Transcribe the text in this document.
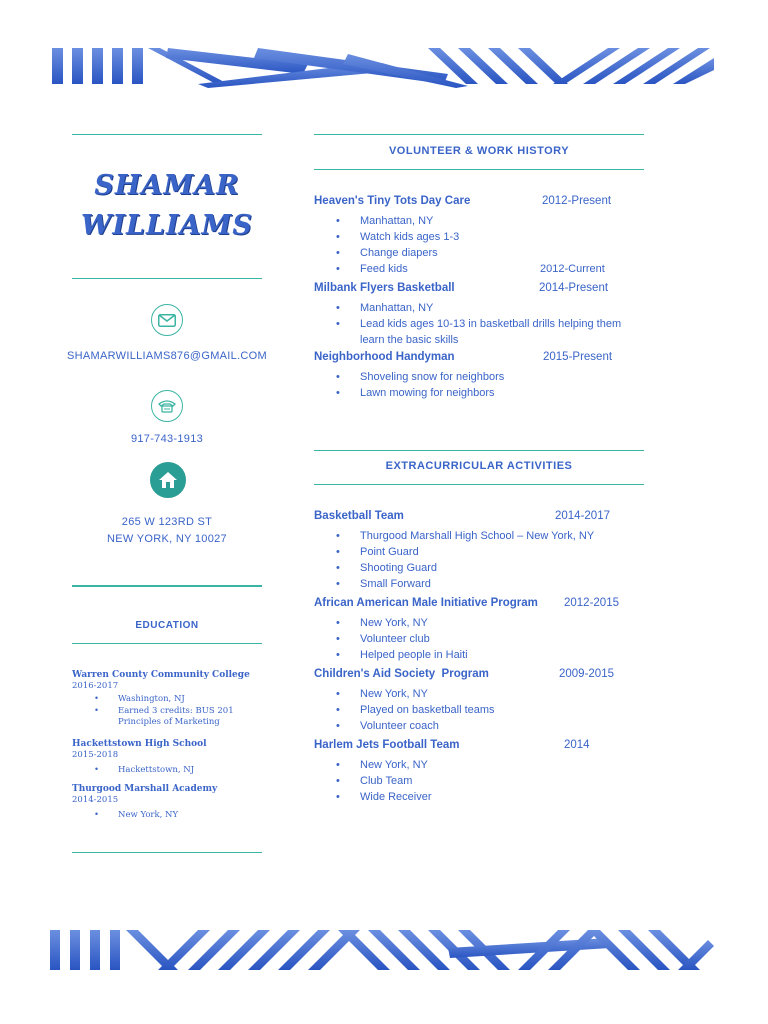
SHAMAR
WILLIAMS
SHAMARWILLIAMS876@GMAIL.COM
917-743-1913
265 W 123RD ST
NEW YORK, NY 10027
EDUCATION
Warren County Community College
2016-2017
• Washington, NJ
• Earned 3 credits: BUS 201 Principles of Marketing
Hackettstown High School
2015-2018
• Hackettstown, NJ
Thurgood Marshall Academy
2014-2015
• New York, NY
VOLUNTEER & WORK HISTORY
Heaven's Tiny Tots Day Care	2012-Present
• Manhattan, NY
• Watch kids ages 1-3
• Change diapers
• Feed kids	2012-Current
Milbank Flyers Basketball	2014-Present
• Manhattan, NY
• Lead kids ages 10-13 in basketball drills helping them learn the basic skills
Neighborhood Handyman	2015-Present
• Shoveling snow for neighbors
• Lawn mowing for neighbors
EXTRACURRICULAR ACTIVITIES
Basketball Team	2014-2017
• Thurgood Marshall High School – New York, NY
• Point Guard
• Shooting Guard
• Small Forward
African American Male Initiative Program 2012-2015
• New York, NY
• Volunteer club
• Helped people in Haiti
Children's Aid Society  Program	2009-2015
• New York, NY
• Played on basketball teams
• Volunteer coach
Harlem Jets Football Team	2014
• New York, NY
• Club Team
• Wide Receiver
